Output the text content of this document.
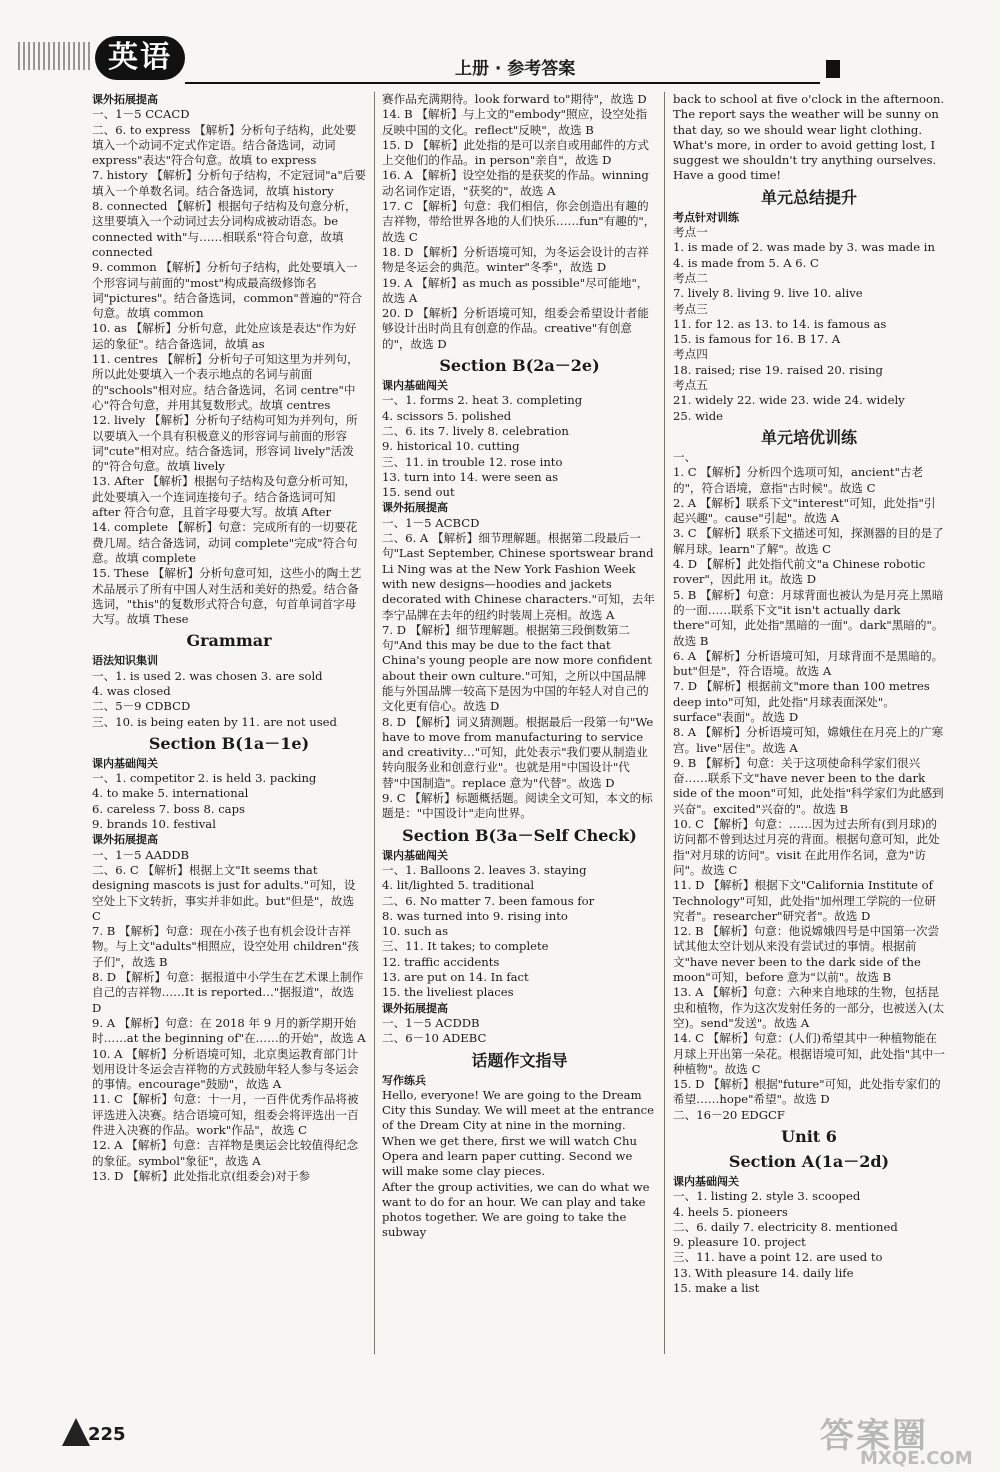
英语	上册 · 参考答案
课外拓展提高
一、1－5 CCACD
二、6. to express 【解析】分析句子结构，此处要填入一个动词不定式作定语。结合备选词，动词 express"表达"符合句意。故填 to express
7. history 【解析】分析句子结构，不定冠词"a"后要填入一个单数名词。结合备选词，故填 history
8. connected 【解析】根据句子结构及句意分析，这里要填入一个动词过去分词构成被动语态。be connected with"与……相联系"符合句意，故填 connected
9. common 【解析】分析句子结构，此处要填入一个形容词与前面的"most"构成最高级修饰名词"pictures"。结合备选词，common"普遍的"符合句意。故填 common
10. as 【解析】分析句意，此处应该是表达"作为好运的象征"。结合备选词，故填 as
11. centres 【解析】分析句子可知这里为并列句，所以此处要填入一个表示地点的名词与前面的"schools"相对应。结合备选词，名词 centre"中心"符合句意，并用其复数形式。故填 centres
12. lively 【解析】分析句子结构可知为并列句，所以要填入一个具有积极意义的形容词与前面的形容词"cute"相对应。结合备选词，形容词 lively"活泼的"符合句意。故填 lively
13. After 【解析】根据句子结构及句意分析可知，此处要填入一个连词连接句子。结合备选词可知 after 符合句意，且首字母要大写。故填 After
14. complete 【解析】句意：完成所有的一切要花费几周。结合备选词，动词 complete"完成"符合句意。故填 complete
15. These 【解析】分析句意可知，这些小的陶土艺术品展示了所有中国人对生活和美好的热爱。结合备选词，"this"的复数形式符合句意，句首单词首字母大写。故填 These
Grammar
语法知识集训
一、1. is used 2. was chosen 3. are sold
4. was closed
二、5－9 CDBCD
三、10. is being eaten by 11. are not used
Section B(1a－1e)
课内基础闯关
一、1. competitor 2. is held 3. packing
4. to make 5. international
6. careless 7. boss 8. caps
9. brands 10. festival
课外拓展提高
一、1－5 AADDB
二、6. C 【解析】根据上文"It seems that designing mascots is just for adults."可知，设空处上下文转折，事实并非如此。but"但是"，故选 C
7. B 【解析】句意：现在小孩子也有机会设计吉祥物。与上文"adults"相照应，设空处用 children"孩子们"，故选 B
8. D 【解析】句意：据报道中小学生在艺术课上制作自己的吉祥物……It is reported…"据报道"，故选 D
9. A 【解析】句意：在 2018 年 9 月的新学期开始时……at the beginning of"在……的开始"，故选 A
10. A 【解析】分析语境可知，北京奥运教育部门计划用设计冬运会吉祥物的方式鼓励年轻人参与冬运会的事情。encourage"鼓励"，故选 A
11. C 【解析】句意：十一月，一百件优秀作品将被评选进入决赛。结合语境可知，组委会将评选出一百件进入决赛的作品。work"作品"，故选 C
12. A 【解析】句意：吉祥物是奥运会比较值得纪念的象征。symbol"象征"，故选 A
13. D 【解析】此处指北京(组委会)对于参
赛作品充满期待。look forward to"期待"，故选 D
14. B 【解析】与上文的"embody"照应，设空处指反映中国的文化。reflect"反映"，故选 B
15. D 【解析】此处指的是可以亲自或用邮件的方式上交他们的作品。in person"亲自"，故选 D
16. A 【解析】设空处指的是获奖的作品。winning 动名词作定语，"获奖的"，故选 A
17. C 【解析】句意：我们相信，你会创造出有趣的吉祥物，带给世界各地的人们快乐……fun"有趣的"，故选 C
18. D 【解析】分析语境可知，为冬运会设计的吉祥物是冬运会的典范。winter"冬季"，故选 D
19. A 【解析】as much as possible"尽可能地"，故选 A
20. D 【解析】分析语境可知，组委会希望设计者能够设计出时尚且有创意的作品。creative"有创意的"，故选 D
Section B(2a－2e)
课内基础闯关
一、1. forms 2. heat 3. completing
4. scissors 5. polished
二、6. its 7. lively 8. celebration
9. historical 10. cutting
三、11. in trouble 12. rose into
13. turn into 14. were seen as
15. send out
课外拓展提高
一、1－5 ACBCD
二、6. A 【解析】细节理解题。根据第二段最后一句"Last September, Chinese sportswear brand Li Ning was at the New York Fashion Week with new designs—hoodies and jackets decorated with Chinese characters."可知，去年李宁品牌在去年的纽约时装周上亮相。故选 A
7. D 【解析】细节理解题。根据第三段倒数第二句"And this may be due to the fact that China's young people are now more confident about their own culture."可知，之所以中国品牌能与外国品牌一较高下是因为中国的年轻人对自己的文化更有信心。故选 D
8. D 【解析】词义猜测题。根据最后一段第一句"We have to move from manufacturing to service and creativity…"可知，此处表示"我们要从制造业转向服务业和创意行业"。也就是用"中国设计"代替"中国制造"。replace 意为"代替"。故选 D
9. C 【解析】标题概括题。阅读全文可知，本文的标题是："中国设计"走向世界。
Section B(3a－Self Check)
课内基础闯关
一、1. Balloons 2. leaves 3. staying
4. lit/lighted 5. traditional
二、6. No matter 7. been famous for
8. was turned into 9. rising into
10. such as
三、11. It takes; to complete
12. traffic accidents
13. are put on 14. In fact
15. the liveliest places
课外拓展提高
一、1－5 ACDDB
二、6－10 ADEBC
话题作文指导
写作练兵
Hello, everyone! We are going to the Dream City this Sunday. We will meet at the entrance of the Dream City at nine in the morning. When we get there, first we will watch Chu Opera and learn paper cutting. Second we will make some clay pieces.
After the group activities, we can do what we want to do for an hour. We can play and take photos together. We are going to take the subway
back to school at five o'clock in the afternoon.
The report says the weather will be sunny on that day, so we should wear light clothing. What's more, in order to avoid getting lost, I suggest we shouldn't try anything ourselves.
Have a good time!
单元总结提升
考点针对训练
考点一
1. is made of 2. was made by 3. was made in
4. is made from 5. A 6. C
考点二
7. lively 8. living 9. live 10. alive
考点三
11. for 12. as 13. to 14. is famous as
15. is famous for 16. B 17. A
考点四
18. raised; rise 19. raised 20. rising
考点五
21. widely 22. wide 23. wide 24. widely
25. wide
单元培优训练
一、
1. C 【解析】分析四个选项可知，ancient"古老的"，符合语境，意指"古时候"。故选 C
2. A 【解析】联系下文"interest"可知，此处指"引起兴趣"。cause"引起"。故选 A
3. C 【解析】联系下文描述可知，探测器的目的是了解月球。learn"了解"。故选 C
4. D 【解析】此处指代前文"a Chinese robotic rover"，因此用 it。故选 D
5. B 【解析】句意：月球背面也被认为是月亮上黑暗的一面……联系下文"it isn't actually dark there"可知，此处指"黑暗的一面"。dark"黑暗的"。故选 B
6. A 【解析】分析语境可知，月球背面不是黑暗的。but"但是"，符合语境。故选 A
7. D 【解析】根据前文"more than 100 metres deep into"可知，此处指"月球表面深处"。surface"表面"。故选 D
8. A 【解析】分析语境可知，嫦娥住在月亮上的广寒宫。live"居住"。故选 A
9. B 【解析】句意：关于这项使命科学家们很兴奋……联系下文"have never been to the dark side of the moon"可知，此处指"科学家们为此感到兴奋"。excited"兴奋的"。故选 B
10. C 【解析】句意：……因为过去所有(到月球)的访问都不曾到达过月亮的背面。根据句意可知，此处指"对月球的访问"。visit 在此用作名词，意为"访问"。故选 C
11. D 【解析】根据下文"California Institute of Technology"可知，此处指"加州理工学院的一位研究者"。researcher"研究者"。故选 D
12. B 【解析】句意：他说嫦娥四号是中国第一次尝试其他太空计划从来没有尝试过的事情。根据前文"have never been to the dark side of the moon"可知，before 意为"以前"。故选 B
13. A 【解析】句意：六种来自地球的生物，包括昆虫和植物，作为这次发射任务的一部分，也被送入(太空)。send"发送"。故选 A
14. C 【解析】句意：(人们)希望其中一种植物能在月球上开出第一朵花。根据语境可知，此处指"其中一种植物"。故选 C
15. D 【解析】根据"future"可知，此处指专家们的希望……hope"希望"。故选 D
二、16－20 EDGCF
Unit 6
Section A(1a－2d)
课内基础闯关
一、1. listing 2. style 3. scooped
4. heels 5. pioneers
二、6. daily 7. electricity 8. mentioned
9. pleasure 10. project
三、11. have a point 12. are used to
13. With pleasure 14. daily life
15. make a list
225	答案圈
MXQE.COM
